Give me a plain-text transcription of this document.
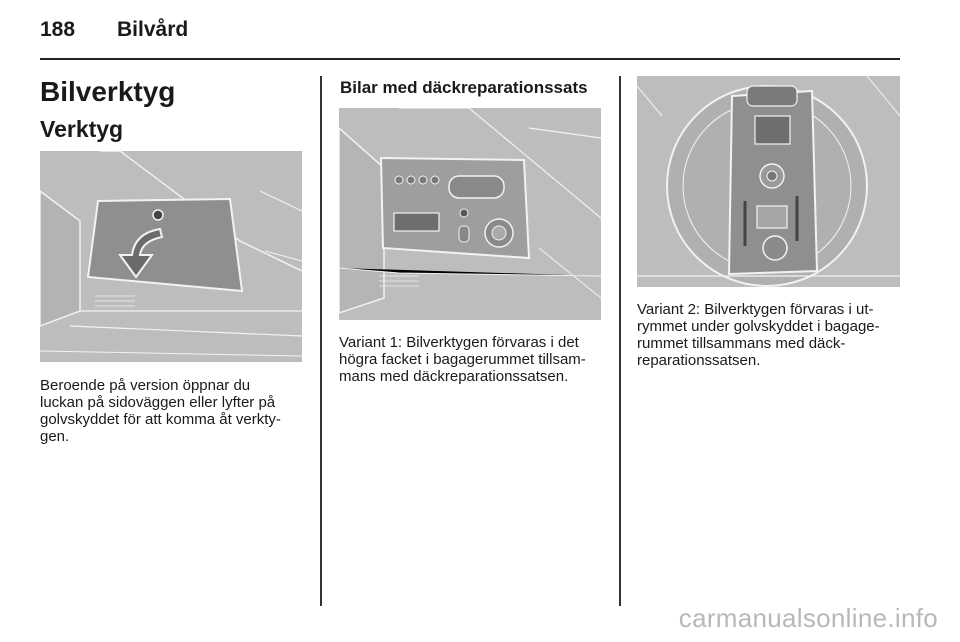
188 Bilvård
Bilverktyg
Verktyg
Beroende på version öppnar du
luckan på sidoväggen eller lyfter på
golvskyddet för att komma åt verkty-
gen.
Bilar med däckreparationssats
Variant 1: Bilverktygen förvaras i det
högra facket i bagagerummet tillsam-
mans med däckreparationssatsen.
Variant 2: Bilverktygen förvaras i ut-
rymmet under golvskyddet i bagage-
rummet tillsammans med däck-
reparationssatsen.
carmanualsonline.info
